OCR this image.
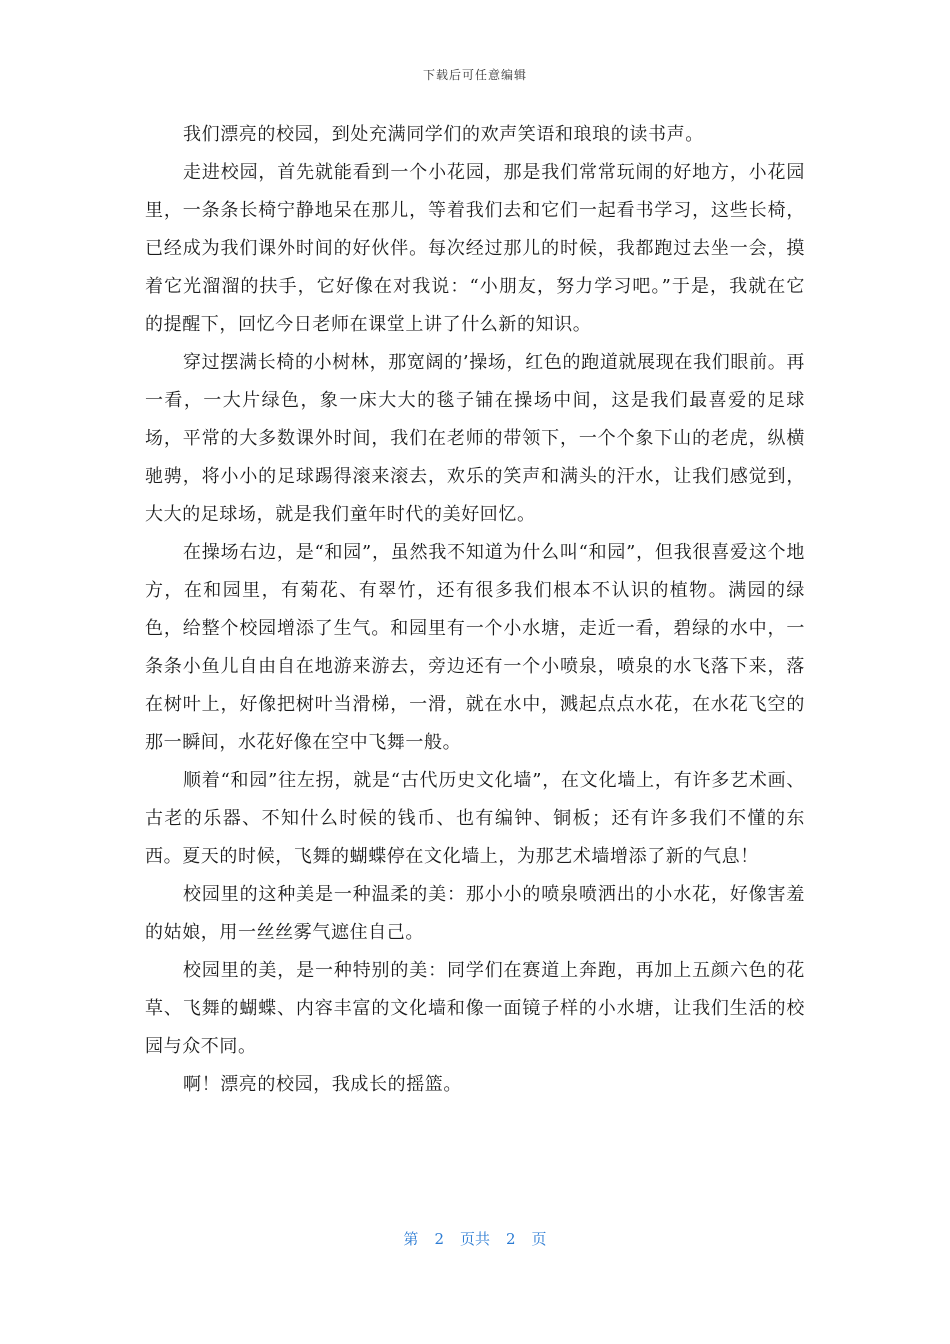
下载后可任意编辑

我们漂亮的校园，到处充满同学们的欢声笑语和琅琅的读书声。

走进校园，首先就能看到一个小花园，那是我们常常玩闹的好地方，小花园里，一条条长椅宁静地呆在那儿，等着我们去和它们一起看书学习，这些长椅，已经成为我们课外时间的好伙伴。每次经过那儿的时候，我都跑过去坐一会，摸着它光溜溜的扶手，它好像在对我说：“小朋友，努力学习吧。”于是，我就在它的提醒下，回忆今日老师在课堂上讲了什么新的知识。

穿过摆满长椅的小树林，那宽阔的’操场，红色的跑道就展现在我们眼前。再一看，一大片绿色，象一床大大的毯子铺在操场中间，这是我们最喜爱的足球场，平常的大多数课外时间，我们在老师的带领下，一个个象下山的老虎，纵横驰骋，将小小的足球踢得滚来滚去，欢乐的笑声和满头的汗水，让我们感觉到，大大的足球场，就是我们童年时代的美好回忆。

在操场右边，是“和园”，虽然我不知道为什么叫“和园”，但我很喜爱这个地方，在和园里，有菊花、有翠竹，还有很多我们根本不认识的植物。满园的绿色，给整个校园增添了生气。和园里有一个小水塘，走近一看，碧绿的水中，一条条小鱼儿自由自在地游来游去，旁边还有一个小喷泉，喷泉的水飞落下来，落在树叶上，好像把树叶当滑梯，一滑，就在水中，溅起点点水花，在水花飞空的那一瞬间，水花好像在空中飞舞一般。

顺着“和园”往左拐，就是“古代历史文化墙”，在文化墙上，有许多艺术画、古老的乐器、不知什么时候的钱币、也有编钟、铜板；还有许多我们不懂的东西。夏天的时候，飞舞的蝴蝶停在文化墙上，为那艺术墙增添了新的气息！

校园里的这种美是一种温柔的美：那小小的喷泉喷洒出的小水花，好像害羞的姑娘，用一丝丝雾气遮住自己。

校园里的美，是一种特别的美：同学们在赛道上奔跑，再加上五颜六色的花草、飞舞的蝴蝶、内容丰富的文化墙和像一面镜子样的小水塘，让我们生活的校园与众不同。

啊！漂亮的校园，我成长的摇篮。

第 2 页共 2 页
